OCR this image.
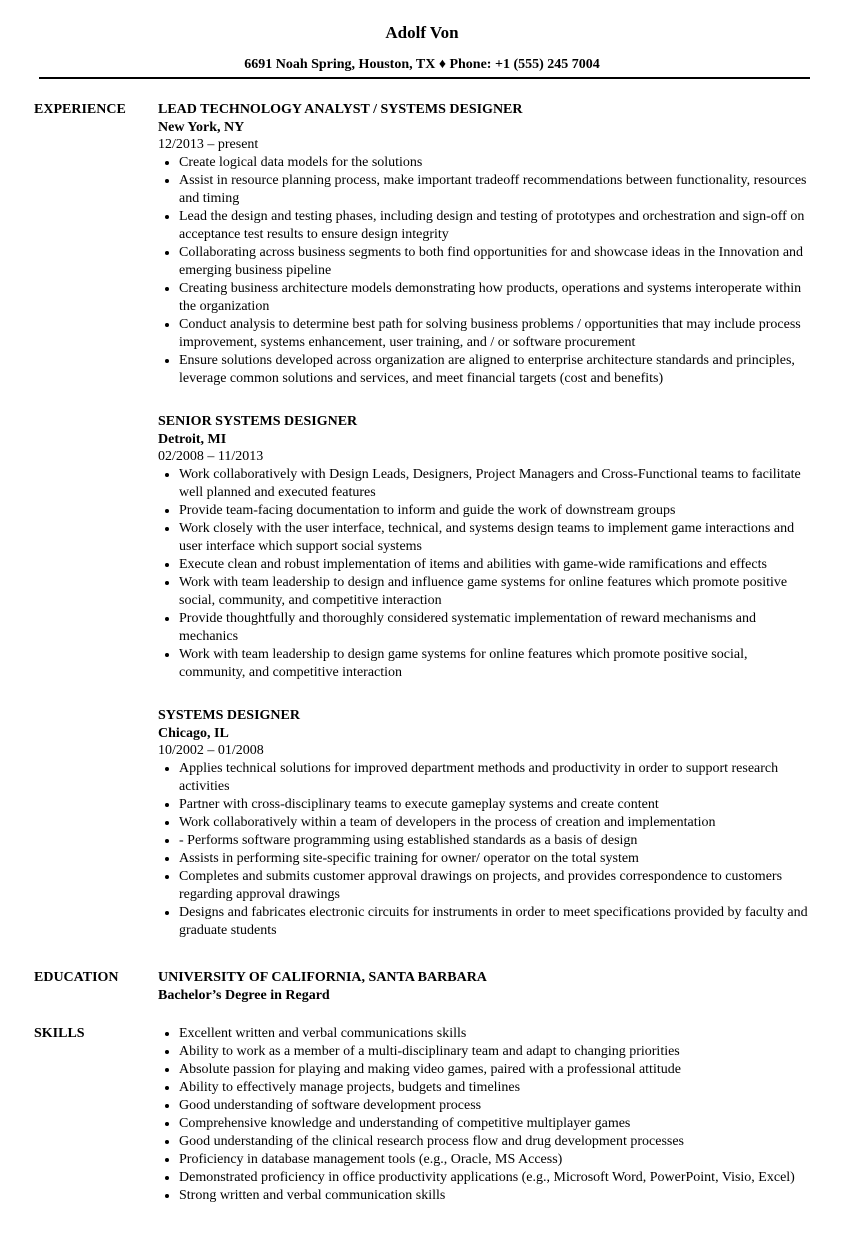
Adolf Von
6691 Noah Spring, Houston, TX ♦ Phone: +1 (555) 245 7004
EXPERIENCE	LEAD TECHNOLOGY ANALYST / SYSTEMS DESIGNER
New York, NY
12/2013 – present
• Create logical data models for the solutions
• Assist in resource planning process, make important tradeoff recommendations between functionality, resources and timing
• Lead the design and testing phases, including design and testing of prototypes and orchestration and sign-off on acceptance test results to ensure design integrity
• Collaborating across business segments to both find opportunities for and showcase ideas in the Innovation and emerging business pipeline
• Creating business architecture models demonstrating how products, operations and systems interoperate within the organization
• Conduct analysis to determine best path for solving business problems / opportunities that may include process improvement, systems enhancement, user training, and / or software procurement
• Ensure solutions developed across organization are aligned to enterprise architecture standards and principles, leverage common solutions and services, and meet financial targets (cost and benefits)
SENIOR SYSTEMS DESIGNER
Detroit, MI
02/2008 – 11/2013
• Work collaboratively with Design Leads, Designers, Project Managers and Cross-Functional teams to facilitate well planned and executed features
• Provide team-facing documentation to inform and guide the work of downstream groups
• Work closely with the user interface, technical, and systems design teams to implement game interactions and user interface which support social systems
• Execute clean and robust implementation of items and abilities with game-wide ramifications and effects
• Work with team leadership to design and influence game systems for online features which promote positive social, community, and competitive interaction
• Provide thoughtfully and thoroughly considered systematic implementation of reward mechanisms and mechanics
• Work with team leadership to design game systems for online features which promote positive social, community, and competitive interaction
SYSTEMS DESIGNER
Chicago, IL
10/2002 – 01/2008
• Applies technical solutions for improved department methods and productivity in order to support research activities
• Partner with cross-disciplinary teams to execute gameplay systems and create content
• Work collaboratively within a team of developers in the process of creation and implementation
• - Performs software programming using established standards as a basis of design
• Assists in performing site-specific training for owner/ operator on the total system
• Completes and submits customer approval drawings on projects, and provides correspondence to customers regarding approval drawings
• Designs and fabricates electronic circuits for instruments in order to meet specifications provided by faculty and graduate students
EDUCATION	UNIVERSITY OF CALIFORNIA, SANTA BARBARA
Bachelor’s Degree in Regard
SKILLS	• Excellent written and verbal communications skills
• Ability to work as a member of a multi-disciplinary team and adapt to changing priorities
• Absolute passion for playing and making video games, paired with a professional attitude
• Ability to effectively manage projects, budgets and timelines
• Good understanding of software development process
• Comprehensive knowledge and understanding of competitive multiplayer games
• Good understanding of the clinical research process flow and drug development processes
• Proficiency in database management tools (e.g., Oracle, MS Access)
• Demonstrated proficiency in office productivity applications (e.g., Microsoft Word, PowerPoint, Visio, Excel)
• Strong written and verbal communication skills
